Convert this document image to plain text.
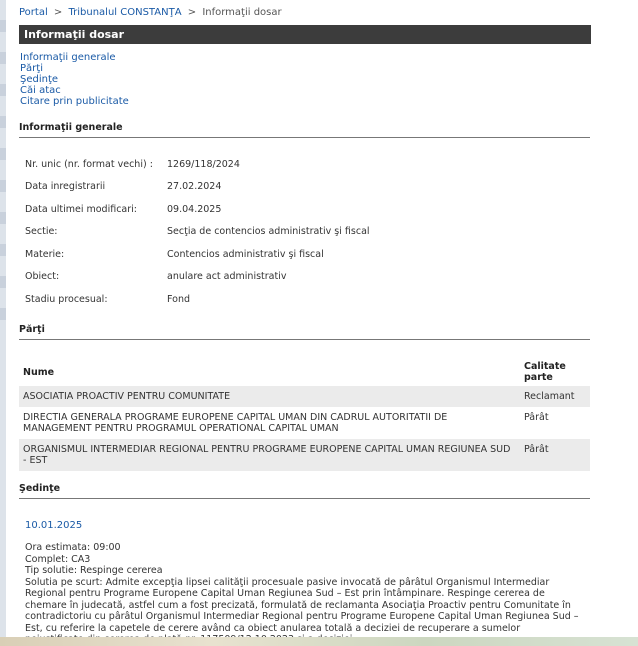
Portal > Tribunalul CONSTANŢA > Informaţii dosar
Informaţii dosar
Informaţii generale
Părţi
Şedinţe
Căi atac
Citare prin publicitate
Informaţii generale
Nr. unic (nr. format vechi) : 1269/118/2024
Data inregistrarii	27.02.2024
Data ultimei modificari:	09.04.2025
Sectie:	Secţia de contencios administrativ şi fiscal
Materie:	Contencios administrativ şi fiscal
Obiect:	anulare act administrativ
Stadiu procesual:	Fond
Părţi
Nume	Calitate parte
ASOCIATIA PROACTIV PENTRU COMUNITATE	Reclamant
DIRECTIA GENERALA PROGRAME EUROPENE CAPITAL UMAN DIN CADRUL AUTORITATII DE MANAGEMENT PENTRU PROGRAMUL OPERATIONAL CAPITAL UMAN	Pârât
ORGANISMUL INTERMEDIAR REGIONAL PENTRU PROGRAME EUROPENE CAPITAL UMAN REGIUNEA SUD - EST	Pârât
Şedinţe
10.01.2025
Ora estimata: 09:00
Complet: CA3
Tip solutie: Respinge cererea
Solutia pe scurt: Admite excepţia lipsei calităţii procesuale pasive invocată de pârâtul Organismul Intermediar Regional pentru Programe Europene Capital Uman Regiunea Sud – Est prin întâmpinare. Respinge cererea de chemare în judecată, astfel cum a fost precizată, formulată de reclamanta Asociaţia Proactiv pentru Comunitate în contradictoriu cu pârâtul Organismul Intermediar Regional pentru Programe Europene Capital Uman Regiunea Sud – Est, cu referire la capetele de cerere având ca obiect anularea totală a deciziei de recuperare a sumelor
